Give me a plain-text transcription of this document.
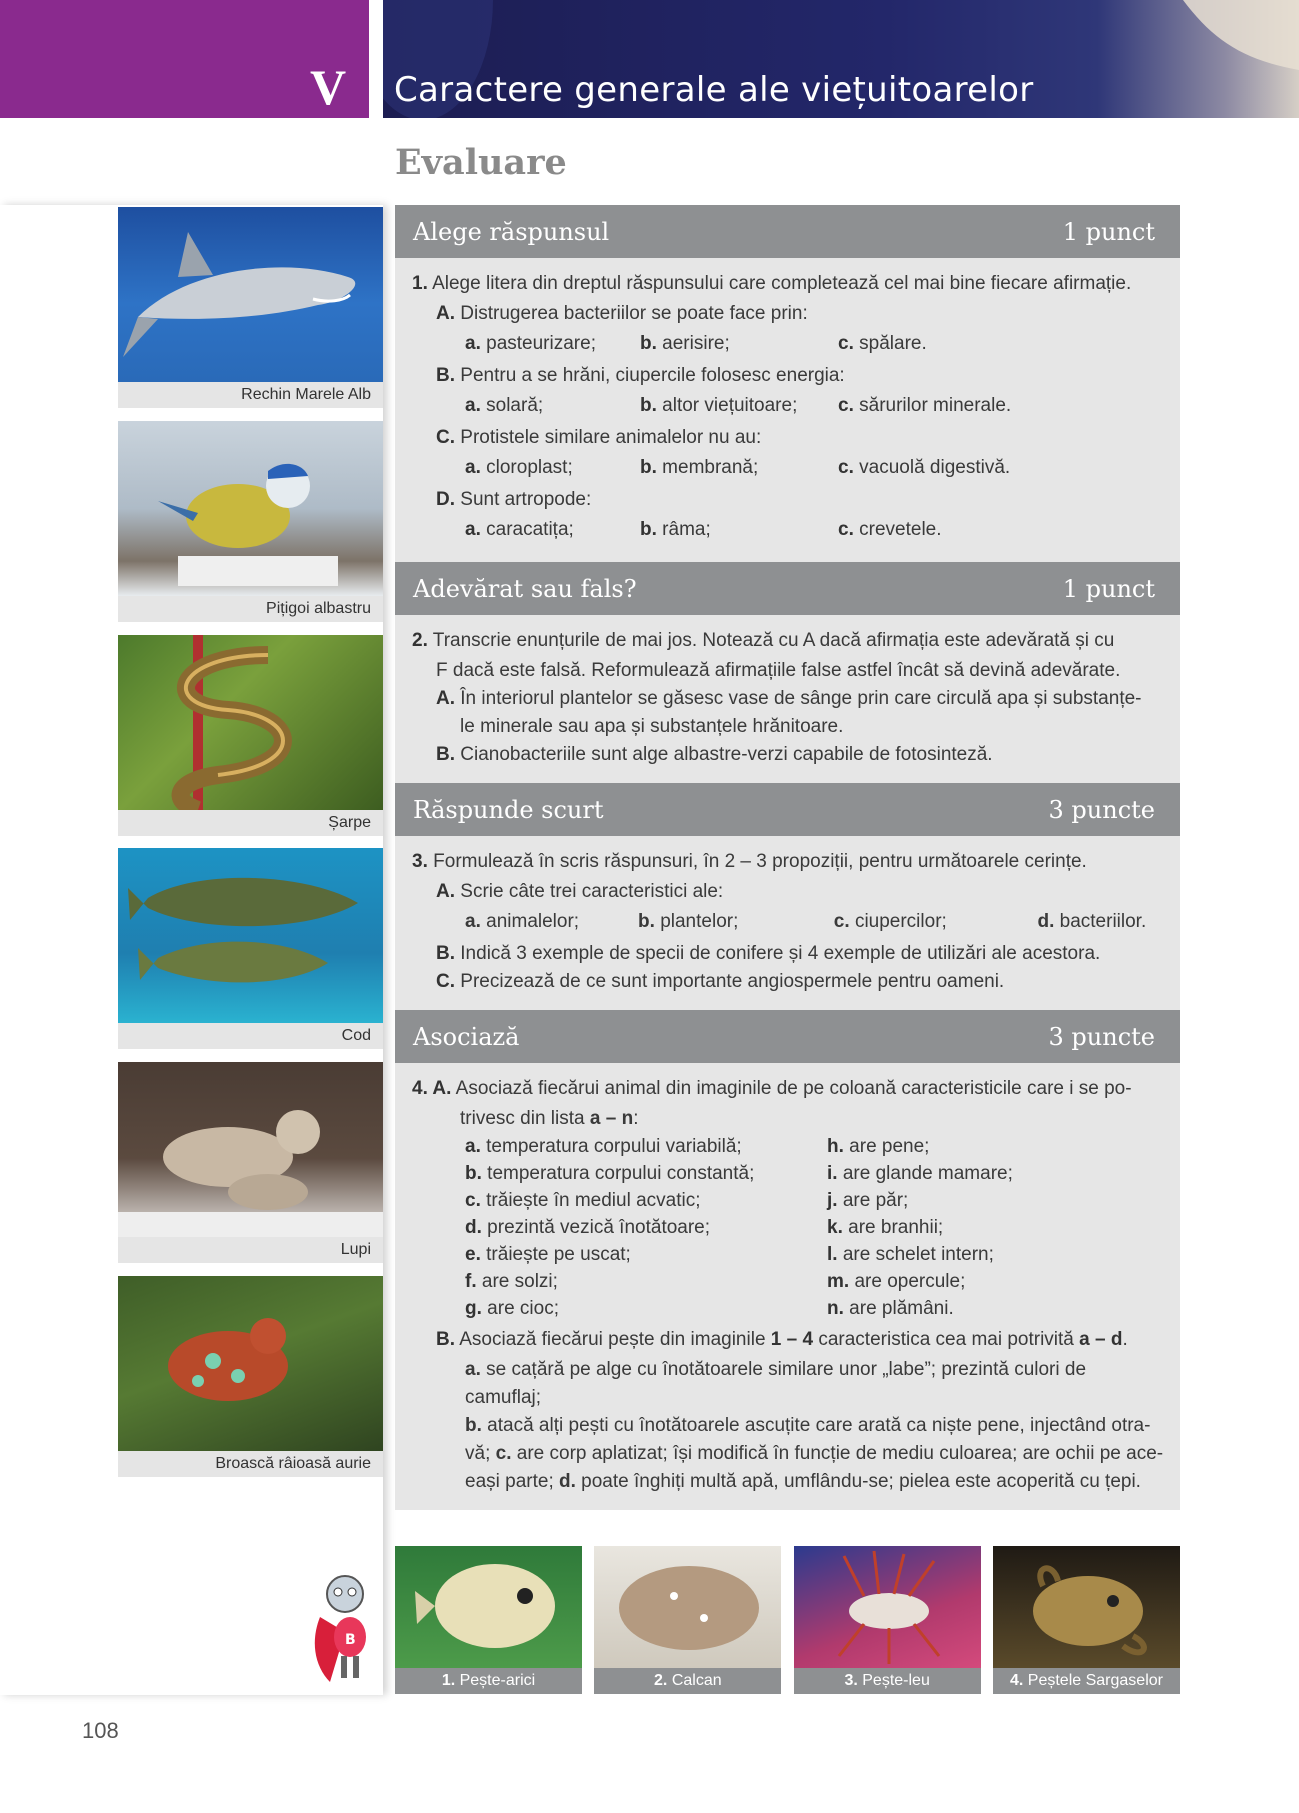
V Caractere generale ale viețuitoarelor
Evaluare
Rechin Marele Alb
Pițigoi albastru
Șarpe
Cod
Lupi
Broască râioasă aurie
Alege răspunsul	1 punct
1. Alege litera din dreptul răspunsului care completează cel mai bine fiecare afirmație.
A. Distrugerea bacteriilor se poate face prin:
a. pasteurizare;	b. aerisire;	c. spălare.
B. Pentru a se hrăni, ciupercile folosesc energia:
a. solară;	b. altor viețuitoare;	c. sărurilor minerale.
C. Protistele similare animalelor nu au:
a. cloroplast;	b. membrană;	c. vacuolă digestivă.
D. Sunt artropode:
a. caracatița;	b. râma;	c. crevetele.
Adevărat sau fals?	1 punct
2. Transcrie enunțurile de mai jos. Notează cu A dacă afirmația este adevărată și cu
F dacă este falsă. Reformulează afirmațiile false astfel încât să devină adevărate.
A. În interiorul plantelor se găsesc vase de sânge prin care circulă apa și substanțe-
le minerale sau apa și substanțele hrănitoare.
B. Cianobacteriile sunt alge albastre-verzi capabile de fotosinteză.
Răspunde scurt	3 puncte
3. Formulează în scris răspunsuri, în 2 – 3 propoziții, pentru următoarele cerințe.
A. Scrie câte trei caracteristici ale:
a. animalelor;	b. plantelor;	c. ciupercilor;	d. bacteriilor.
B. Indică 3 exemple de specii de conifere și 4 exemple de utilizări ale acestora.
C. Precizează de ce sunt importante angiospermele pentru oameni.
Asociază	3 puncte
4. A. Asociază fiecărui animal din imaginile de pe coloană caracteristicile care i se po-
trivesc din lista a – n:
a. temperatura corpului variabilă;	h. are pene;
b. temperatura corpului constantă;	i. are glande mamare;
c. trăiește în mediul acvatic;	j. are păr;
d. prezintă vezică înotătoare;	k. are branhii;
e. trăiește pe uscat;	l. are schelet intern;
f. are solzi;	m. are opercule;
g. are cioc;	n. are plămâni.
B. Asociază fiecărui pește din imaginile 1 – 4 caracteristica cea mai potrivită a – d.
a. se cațără pe alge cu înotătoarele similare unor „labe”; prezintă culori de camuflaj;
b. atacă alți pești cu înotătoarele ascuțite care arată ca niște pene, injectând otra-
vă; c. are corp aplatizat; își modifică în funcție de mediu culoarea; are ochii pe ace-
eași parte; d. poate înghiți multă apă, umflându-se; pielea este acoperită cu țepi.
1. Pește-arici	2. Calcan	3. Pește-leu	4. Peștele Sargaselor
B
108
